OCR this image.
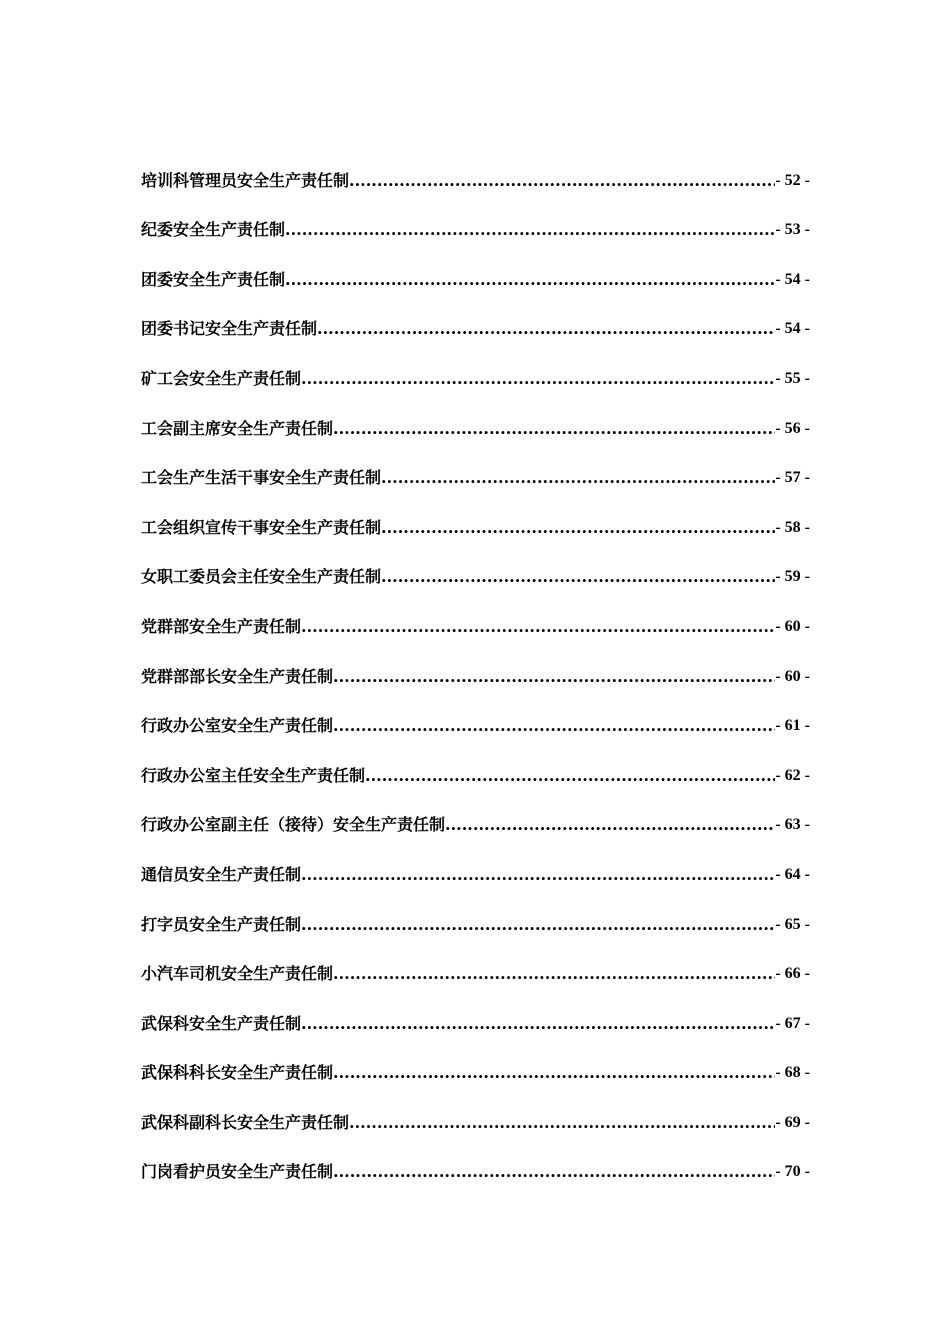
培训科管理员安全生产责任制 .....	- 52 -
纪委安全生产责任制 .....	- 53 -
团委安全生产责任制 .....	- 54 -
团委书记安全生产责任制 .....	- 54 -
矿工会安全生产责任制 .....	- 55 -
工会副主席安全生产责任制 .....	- 56 -
工会生产生活干事安全生产责任制 .....	- 57 -
工会组织宣传干事安全生产责任制 .....	- 58 -
女职工委员会主任安全生产责任制 .....	- 59 -
党群部安全生产责任制 .....	- 60 -
党群部部长安全生产责任制 .....	- 60 -
行政办公室安全生产责任制 .....	- 61 -
行政办公室主任安全生产责任制 .....	- 62 -
行政办公室副主任（接待）安全生产责任制 .....	- 63 -
通信员安全生产责任制 .....	- 64 -
打字员安全生产责任制 .....	- 65 -
小汽车司机安全生产责任制 .....	- 66 -
武保科安全生产责任制 .....	- 67 -
武保科科长安全生产责任制 .....	- 68 -
武保科副科长安全生产责任制 .....	- 69 -
门岗看护员安全生产责任制 .....	- 70 -
